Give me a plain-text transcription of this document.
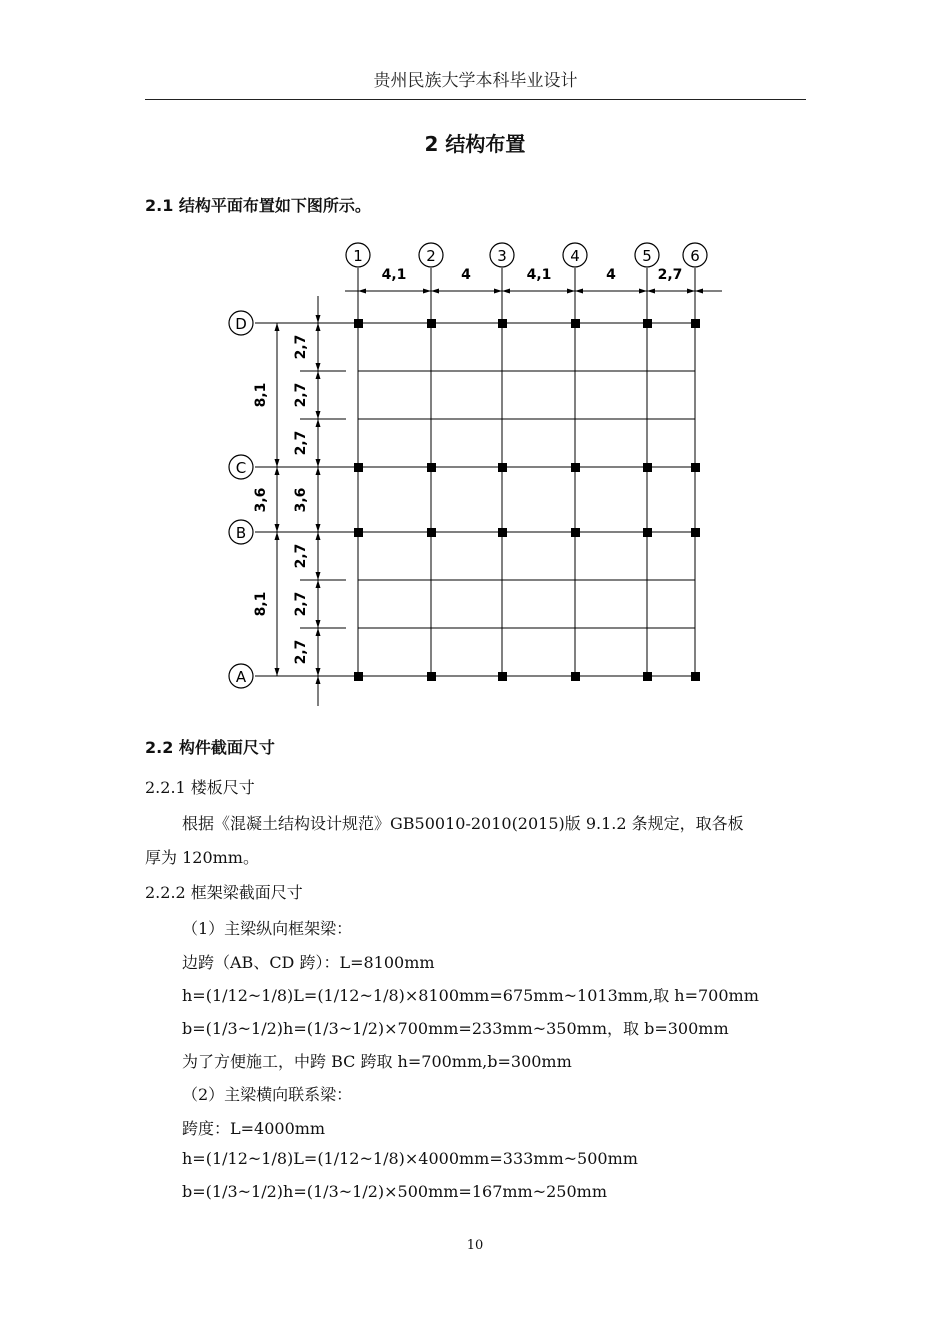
贵州民族大学本科毕业设计
2 结构布置
2.1 结构平面布置如下图所示。
1	2	3	4	5	6
D
C
B
A
4,1	4	4,1	4	2,7
8,1
3,6
8,1
2,7
2,7
2,7
3,6
2,7
2,7
2,7
2.2 构件截面尺寸
2.2.1 楼板尺寸
根据《混凝土结构设计规范》GB50010-2010(2015)版 9.1.2 条规定，取各板
厚为 120mm。
2.2.2 框架梁截面尺寸
（1）主梁纵向框架梁：
边跨（AB、CD 跨）：L=8100mm
h=(1/12~1/8)L=(1/12~1/8)×8100mm=675mm~1013mm,取 h=700mm
b=(1/3~1/2)h=(1/3~1/2)×700mm=233mm~350mm，取 b=300mm
为了方便施工，中跨 BC 跨取 h=700mm,b=300mm
（2）主梁横向联系梁：
跨度：L=4000mm
h=(1/12~1/8)L=(1/12~1/8)×4000mm=333mm~500mm
b=(1/3~1/2)h=(1/3~1/2)×500mm=167mm~250mm
10
